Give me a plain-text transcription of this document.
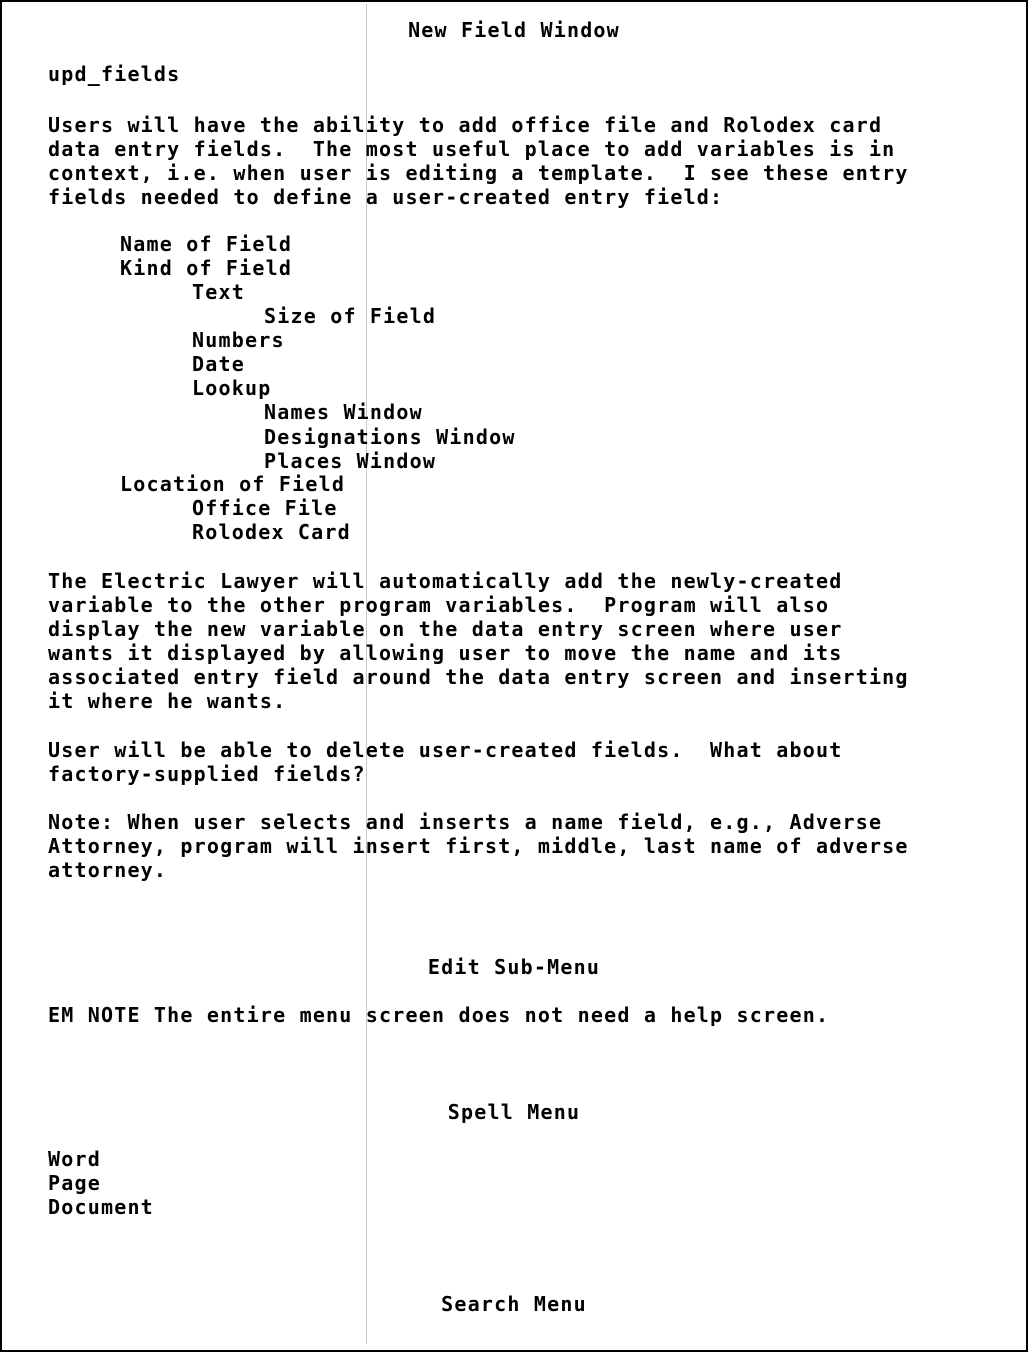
New Field Window
upd_fields
Users will have the ability to add office file and Rolodex card
data entry fields.  The most useful place to add variables is in
context, i.e. when user is editing a template.  I see these entry
fields needed to define a user-created entry field:
Name of Field
Kind of Field
Text
Size of Field
Numbers
Date
Lookup
Names Window
Designations Window
Places Window
Location of Field
Office File
Rolodex Card
The Electric Lawyer will automatically add the newly-created
variable to the other program variables.  Program will also
display the new variable on the data entry screen where user
wants it displayed by allowing user to move the name and its
associated entry field around the data entry screen and inserting
it where he wants.
User will be able to delete user-created fields.  What about
factory-supplied fields?
Note: When user selects and inserts a name field, e.g., Adverse
Attorney, program will insert first, middle, last name of adverse
attorney.
Edit Sub-Menu
EM NOTE The entire menu screen does not need a help screen.
Spell Menu
Word
Page
Document
Search Menu
